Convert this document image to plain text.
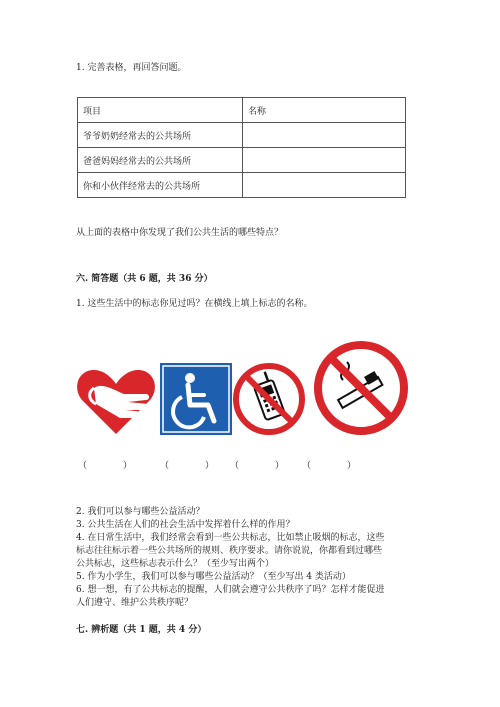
1. 完善表格，再回答问题。
项目	名称
爷爷奶奶经常去的公共场所	
爸爸妈妈经常去的公共场所	
你和小伙伴经常去的公共场所	
从上面的表格中你发现了我们公共生活的哪些特点？
六. 简答题（共 6 题，共 36 分）
1. 这些生活中的标志你见过吗？在横线上填上标志的名称。
（　　　　）	（　　　　） （　　　　） （　　　　）
2. 我们可以参与哪些公益活动？
3. 公共生活在人们的社会生活中发挥着什么样的作用？
4. 在日常生活中，我们经常会看到一些公共标志，比如禁止吸烟的标志，这些
标志往往标示着一些公共场所的规则、秩序要求。请你说说，你都看到过哪些
公共标志，这些标志表示什么？（至少写出两个）
5. 作为小学生，我们可以参与哪些公益活动？（至少写出 4 类活动）
6. 想一想，有了公共标志的提醒，人们就会遵守公共秩序了吗？怎样才能促进
人们遵守、维护公共秩序呢？
七. 辨析题（共 1 题，共 4 分）
